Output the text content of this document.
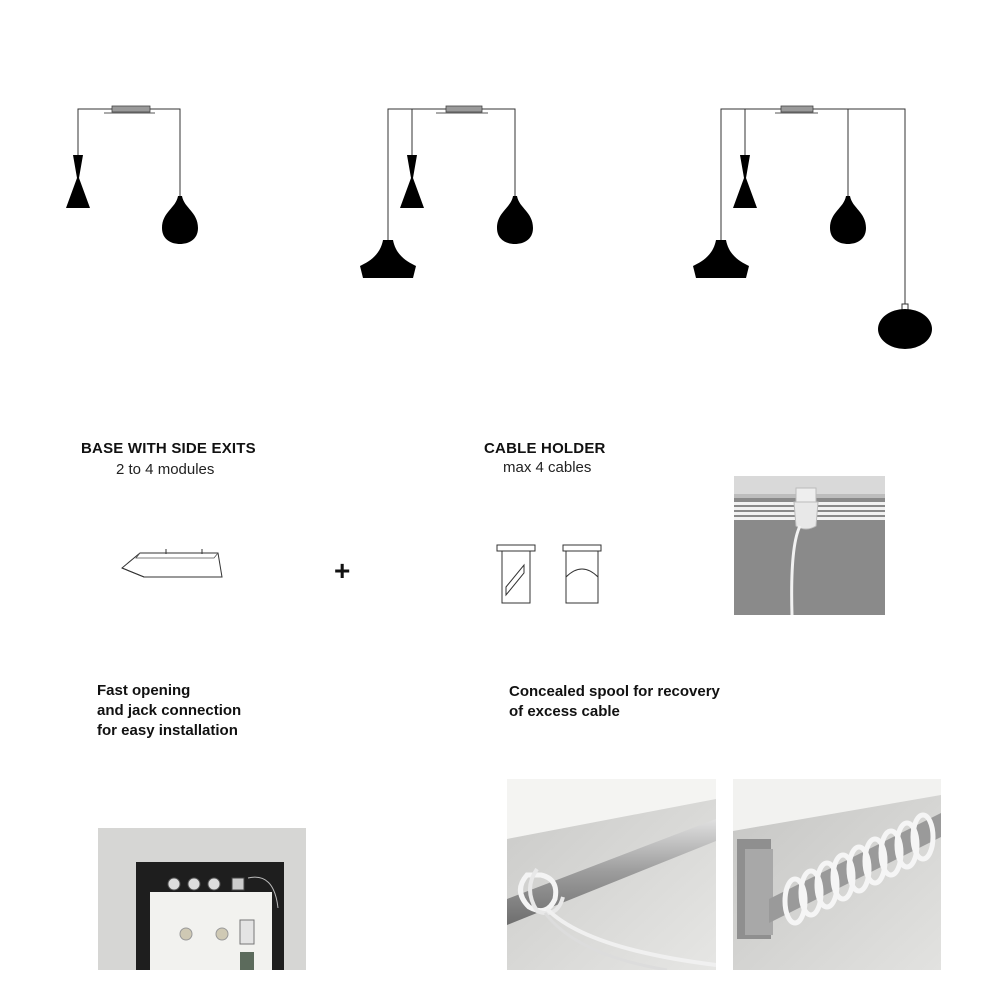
BASE WITH SIDE EXITS
2 to 4 modules
+
CABLE HOLDER
max 4 cables
Fast opening
and jack connection
for easy installation
Concealed spool for recovery
of excess cable
